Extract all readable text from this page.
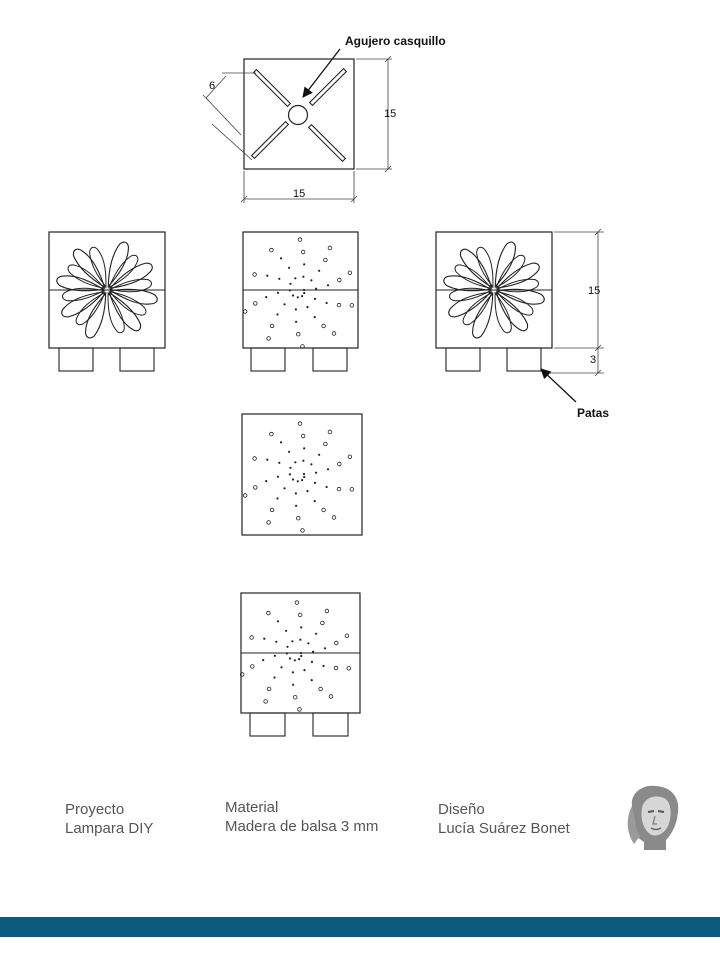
Agujero casquillo
15
15
6
15
3
Patas
Proyecto
Lampara DIY
Material
Madera de balsa 3 mm
Diseño
Lucía Suárez Bonet
